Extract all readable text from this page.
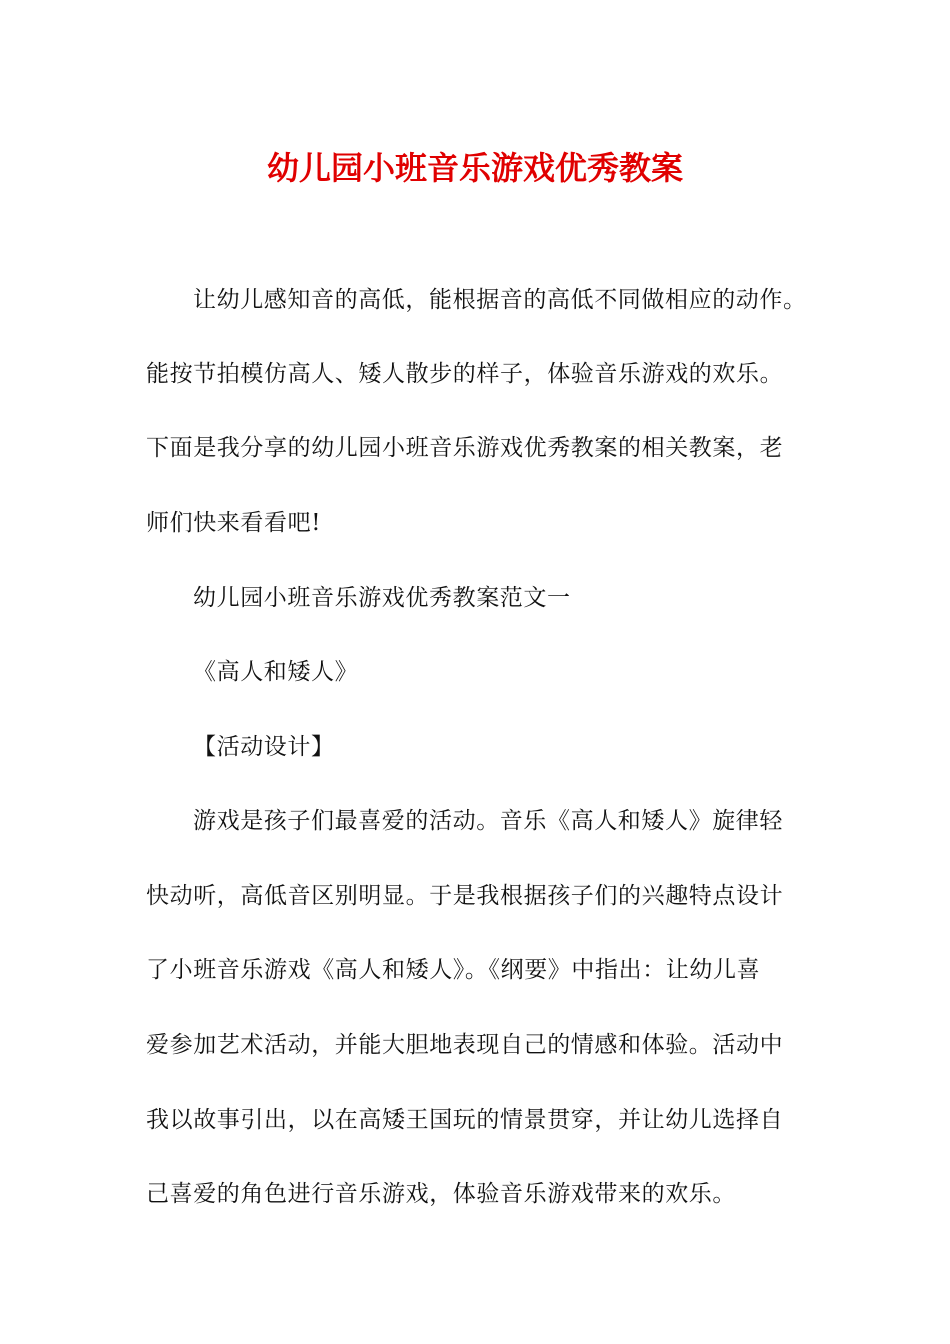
幼儿园小班音乐游戏优秀教案
让幼儿感知音的高低，能根据音的高低不同做相应的动作。
能按节拍模仿高人、矮人散步的样子，体验音乐游戏的欢乐。
下面是我分享的幼儿园小班音乐游戏优秀教案的相关教案，老
师们快来看看吧!
幼儿园小班音乐游戏优秀教案范文一
《高人和矮人》
【活动设计】
游戏是孩子们最喜爱的活动。音乐《高人和矮人》旋律轻
快动听，高低音区别明显。于是我根据孩子们的兴趣特点设计
了小班音乐游戏《高人和矮人》。《纲要》中指出：让幼儿喜
爱参加艺术活动，并能大胆地表现自己的情感和体验。活动中
我以故事引出，以在高矮王国玩的情景贯穿，并让幼儿选择自
己喜爱的角色进行音乐游戏，体验音乐游戏带来的欢乐。
